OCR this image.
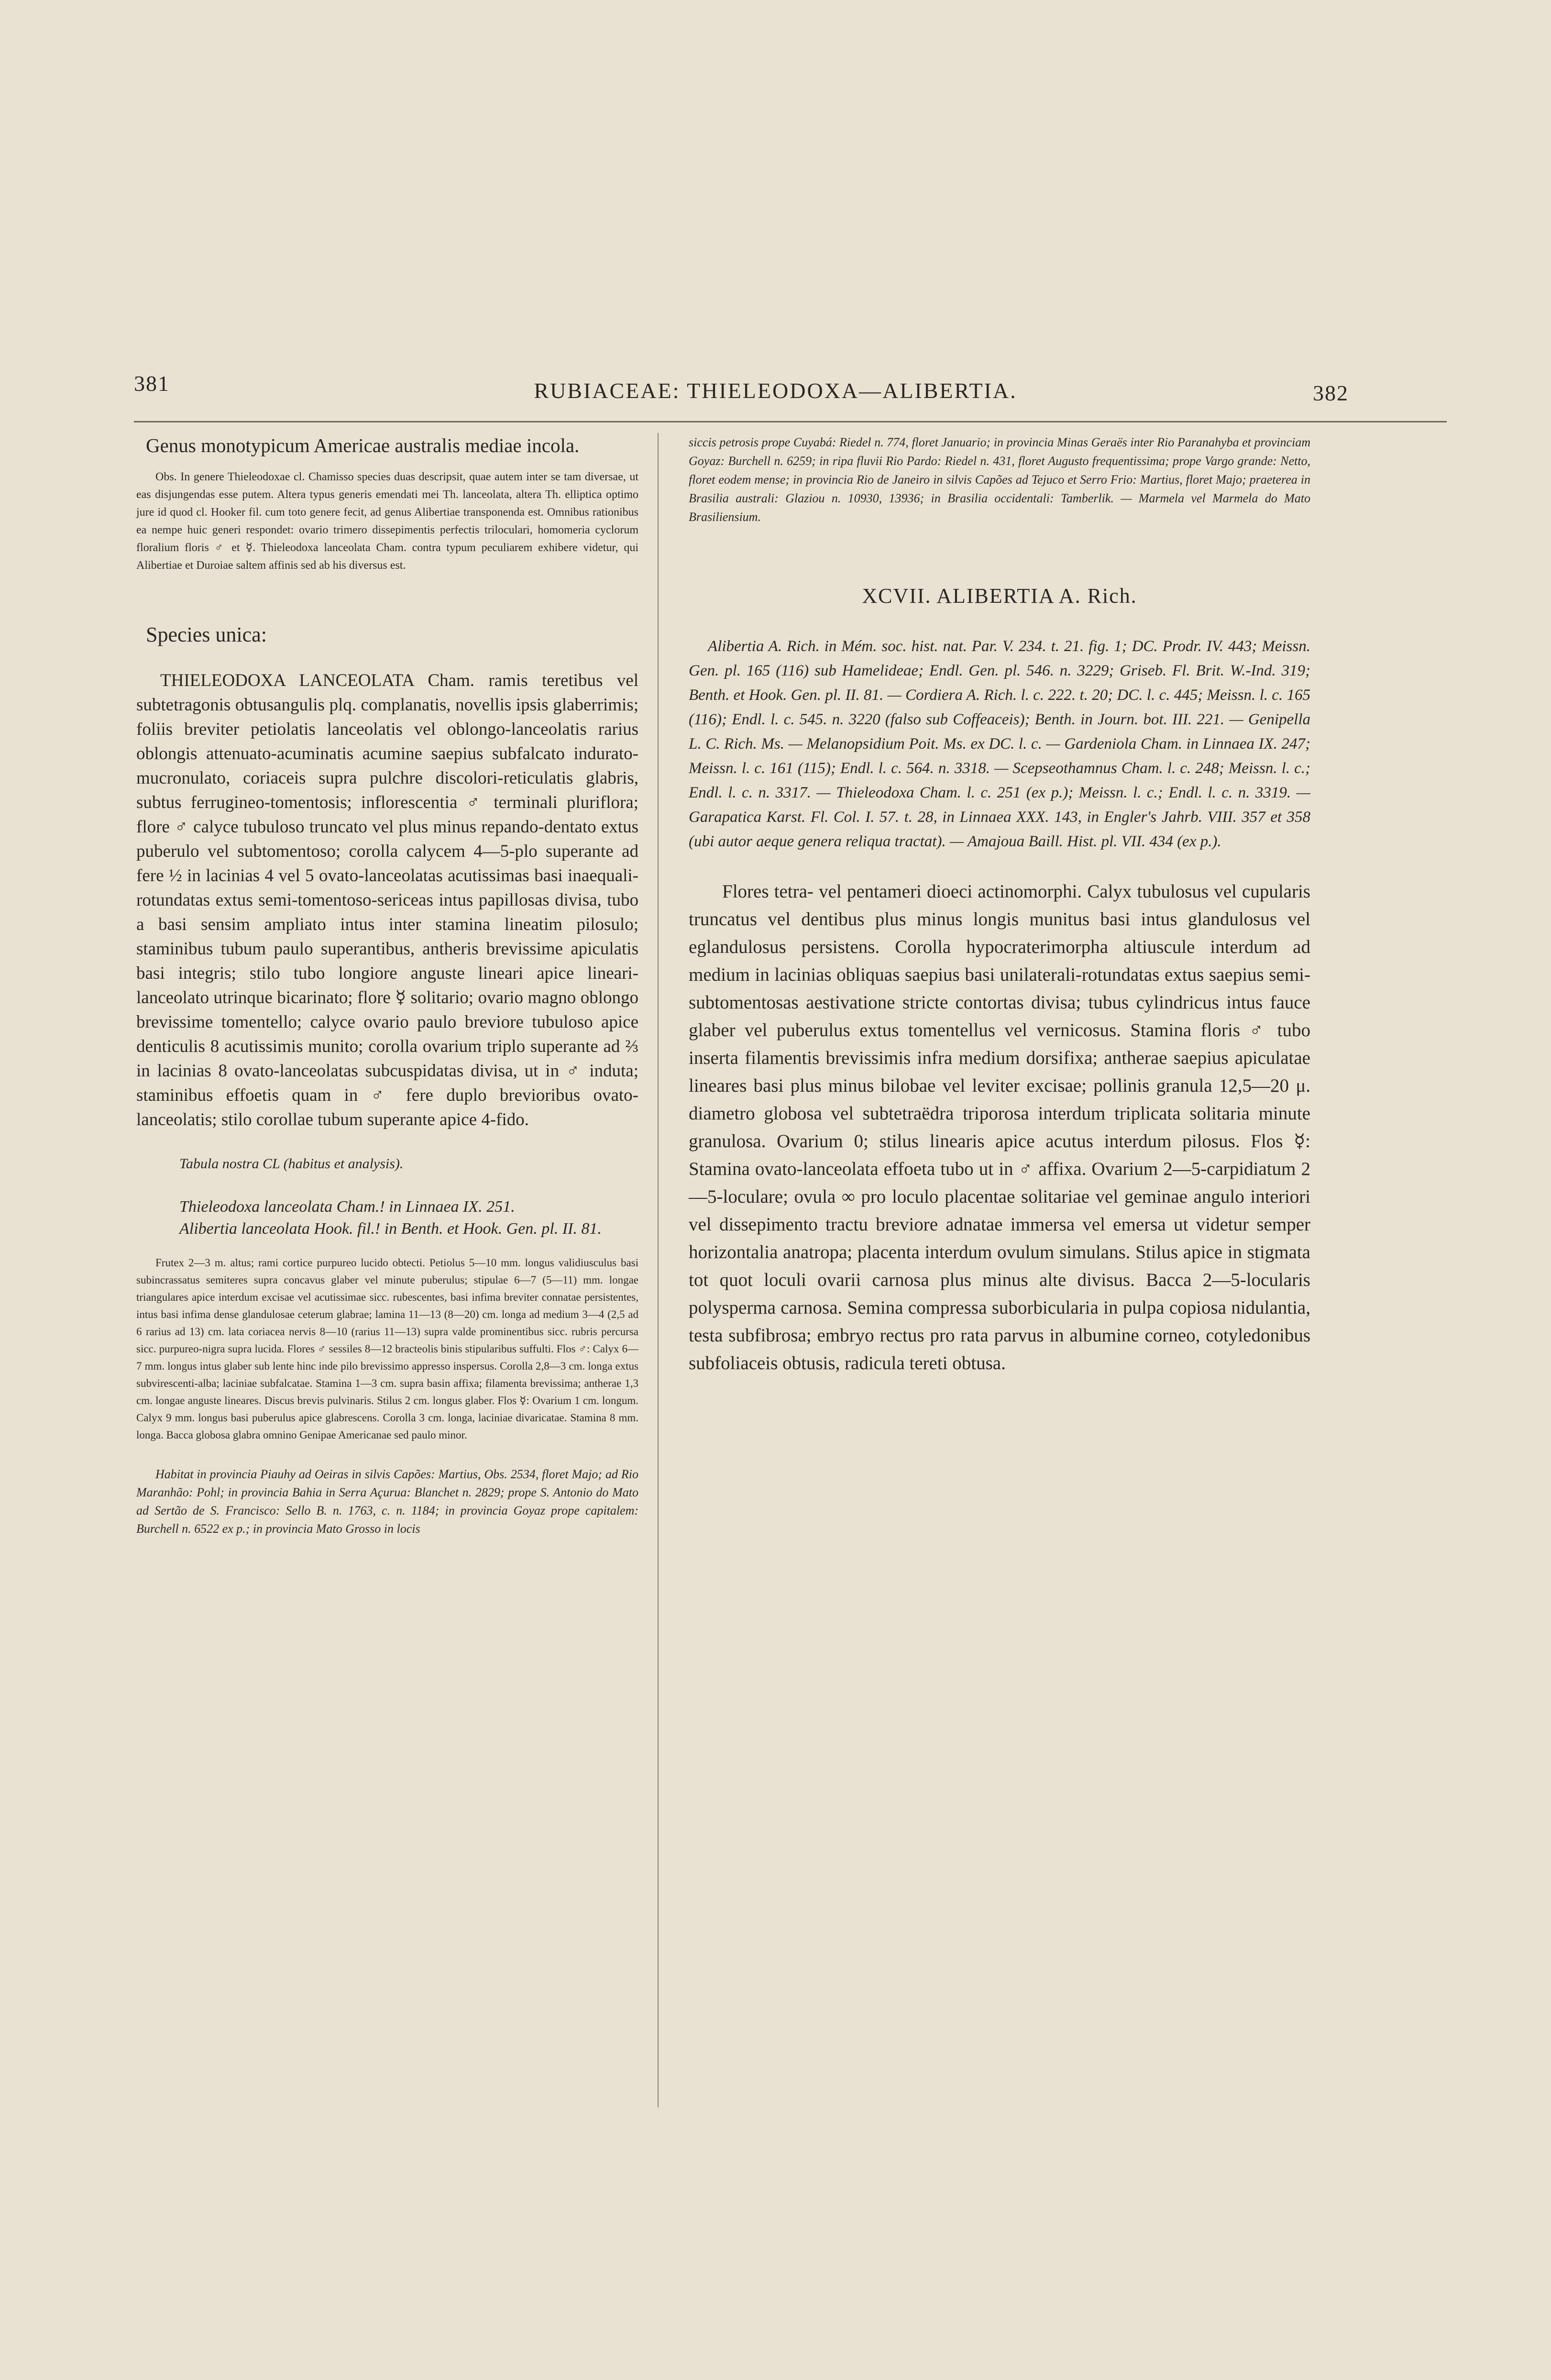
381	RUBIACEAE: THIELEODOXA—ALIBERTIA.	382

Genus monotypicum Americae australis mediae incola.

Obs. In genere Thieleodoxae cl. Chamisso species duas descripsit, quae autem inter se tam diversae, ut eas disjungendas esse putem. Altera typus generis emendati mei Th. lanceolata, altera Th. elliptica optimo jure id quod cl. Hooker fil. cum toto genere fecit, ad genus Alibertiae transponenda est. Omnibus rationibus ea nempe huic generi respondet: ovario trimero dissepimentis perfectis triloculari, homomeria cyclorum floralium floris ♂ et ☿. Thieleodoxa lanceolata Cham. contra typum peculiarem exhibere videtur, qui Alibertiae et Duroiae saltem affinis sed ab his diversus est.

Species unica:

THIELEODOXA LANCEOLATA Cham. ramis teretibus vel subtetragonis obtusangulis plq. complanatis, novellis ipsis glaberrimis; foliis breviter petiolatis lanceolatis vel oblongo-lanceolatis rarius oblongis attenuato-acuminatis acumine saepius subfalcato indurato-mucronulato, coriaceis supra pulchre discolori-reticulatis glabris, subtus ferrugineo-tomentosis; inflorescentia ♂ terminali pluriflora; flore ♂ calyce tubuloso truncato vel plus minus repando-dentato extus puberulo vel subtomentoso; corolla calycem 4—5-plo superante ad fere ½ in lacinias 4 vel 5 ovato-lanceolatas acutissimas basi inaequali-rotundatas extus semi-tomentoso-sericeas intus papillosas divisa, tubo a basi sensim ampliato intus inter stamina lineatim pilosulo; staminibus tubum paulo superantibus, antheris brevissime apiculatis basi integris; stilo tubo longiore anguste lineari apice lineari-lanceolato utrinque bicarinato; flore ☿ solitario; ovario magno oblongo brevissime tomentello; calyce ovario paulo breviore tubuloso apice denticulis 8 acutissimis munito; corolla ovarium triplo superante ad ⅔ in lacinias 8 ovato-lanceolatas subcuspidatas divisa, ut in ♂ induta; staminibus effoetis quam in ♂ fere duplo brevioribus ovato-lanceolatis; stilo corollae tubum superante apice 4-fido.

Tabula nostra CL (habitus et analysis).
Thieleodoxa lanceolata Cham.! in Linnaea IX. 251.
Alibertia lanceolata Hook. fil.! in Benth. et Hook. Gen. pl. II. 81.

Frutex 2—3 m. altus; rami cortice purpureo lucido obtecti. Petiolus 5—10 mm. longus validiusculus basi subincrassatus semiteres supra concavus glaber vel minute puberulus; stipulae 6—7 (5—11) mm. longae triangulares apice interdum excisae vel acutissimae sicc. rubescentes, basi infima breviter connatae persistentes, intus basi infima dense glandulosae ceterum glabrae; lamina 11—13 (8—20) cm. longa ad medium 3—4 (2,5 ad 6 rarius ad 13) cm. lata coriacea nervis 8—10 (rarius 11—13) supra valde prominentibus sicc. rubris percursa sicc. purpureo-nigra supra lucida. Flores ♂ sessiles 8—12 bracteolis binis stipularibus suffulti. Flos ♂: Calyx 6—7 mm. longus intus glaber sub lente hinc inde pilo brevissimo appresso inspersus. Corolla 2,8—3 cm. longa extus subvirescenti-alba; laciniae subfalcatae. Stamina 1—3 cm. supra basin affixa; filamenta brevissima; antherae 1,3 cm. longae anguste lineares. Discus brevis pulvinaris. Stilus 2 cm. longus glaber. Flos ☿: Ovarium 1 cm. longum. Calyx 9 mm. longus basi puberulus apice glabrescens. Corolla 3 cm. longa, laciniae divaricatae. Stamina 8 mm. longa. Bacca globosa glabra omnino Genipae Americanae sed paulo minor.

Habitat in provincia Piauhy ad Oeiras in silvis Capões: Martius, Obs. 2534, floret Majo; ad Rio Maranhão: Pohl; in provincia Bahia in Serra Açurua: Blanchet n. 2829; prope S. Antonio do Mato ad Sertão de S. Francisco: Sello B. n. 1763, c. n. 1184; in provincia Goyaz prope capitalem: Burchell n. 6522 ex p.; in provincia Mato Grosso in locis

siccis petrosis prope Cuyabá: Riedel n. 774, floret Januario; in provincia Minas Geraës inter Rio Paranahyba et provinciam Goyaz: Burchell n. 6259; in ripa fluvii Rio Pardo: Riedel n. 431, floret Augusto frequentissima; prope Vargo grande: Netto, floret eodem mense; in provincia Rio de Janeiro in silvis Capões ad Tejuco et Serro Frio: Martius, floret Majo; praeterea in Brasilia australi: Glaziou n. 10930, 13936; in Brasilia occidentali: Tamberlik. — Marmela vel Marmela do Mato Brasiliensium.

XCVII. ALIBERTIA A. Rich.

Alibertia A. Rich. in Mém. soc. hist. nat. Par. V. 234. t. 21. fig. 1; DC. Prodr. IV. 443; Meissn. Gen. pl. 165 (116) sub Hamelideae; Endl. Gen. pl. 546. n. 3229; Griseb. Fl. Brit. W.-Ind. 319; Benth. et Hook. Gen. pl. II. 81. — Cordiera A. Rich. l. c. 222. t. 20; DC. l. c. 445; Meissn. l. c. 165 (116); Endl. l. c. 545. n. 3220 (falso sub Coffeaceis); Benth. in Journ. bot. III. 221. — Genipella L. C. Rich. Ms. — Melanopsidium Poit. Ms. ex DC. l. c. — Gardeniola Cham. in Linnaea IX. 247; Meissn. l. c. 161 (115); Endl. l. c. 564. n. 3318. — Scepseothamnus Cham. l. c. 248; Meissn. l. c.; Endl. l. c. n. 3317. — Thieleodoxa Cham. l. c. 251 (ex p.); Meissn. l. c.; Endl. l. c. n. 3319. — Garapatica Karst. Fl. Col. I. 57. t. 28, in Linnaea XXX. 143, in Engler's Jahrb. VIII. 357 et 358 (ubi autor aeque genera reliqua tractat). — Amajoua Baill. Hist. pl. VII. 434 (ex p.).

Flores tetra- vel pentameri dioeci actinomorphi. Calyx tubulosus vel cupularis truncatus vel dentibus plus minus longis munitus basi intus glandulosus vel eglandulosus persistens. Corolla hypocraterimorpha altiuscule interdum ad medium in lacinias obliquas saepius basi unilaterali-rotundatas extus saepius semi-subtomentosas aestivatione stricte contortas divisa; tubus cylindricus intus fauce glaber vel puberulus extus tomentellus vel vernicosus. Stamina floris ♂ tubo inserta filamentis brevissimis infra medium dorsifixa; antherae saepius apiculatae lineares basi plus minus bilobae vel leviter excisae; pollinis granula 12,5—20 μ. diametro globosa vel subtetraëdra triporosa interdum triplicata solitaria minute granulosa. Ovarium 0; stilus linearis apice acutus interdum pilosus. Flos ☿: Stamina ovato-lanceolata effoeta tubo ut in ♂ affixa. Ovarium 2—5-carpidiatum 2—5-loculare; ovula ∞ pro loculo placentae solitariae vel geminae angulo interiori vel dissepimento tractu breviore adnatae immersa vel emersa ut videtur semper horizontalia anatropa; placenta interdum ovulum simulans. Stilus apice in stigmata tot quot loculi ovarii carnosa plus minus alte divisus. Bacca 2—5-locularis polysperma carnosa. Semina compressa suborbicularia in pulpa copiosa nidulantia, testa subfibrosa; embryo rectus pro rata parvus in albumine corneo, cotyledonibus subfoliaceis obtusis, radicula tereti obtusa.
